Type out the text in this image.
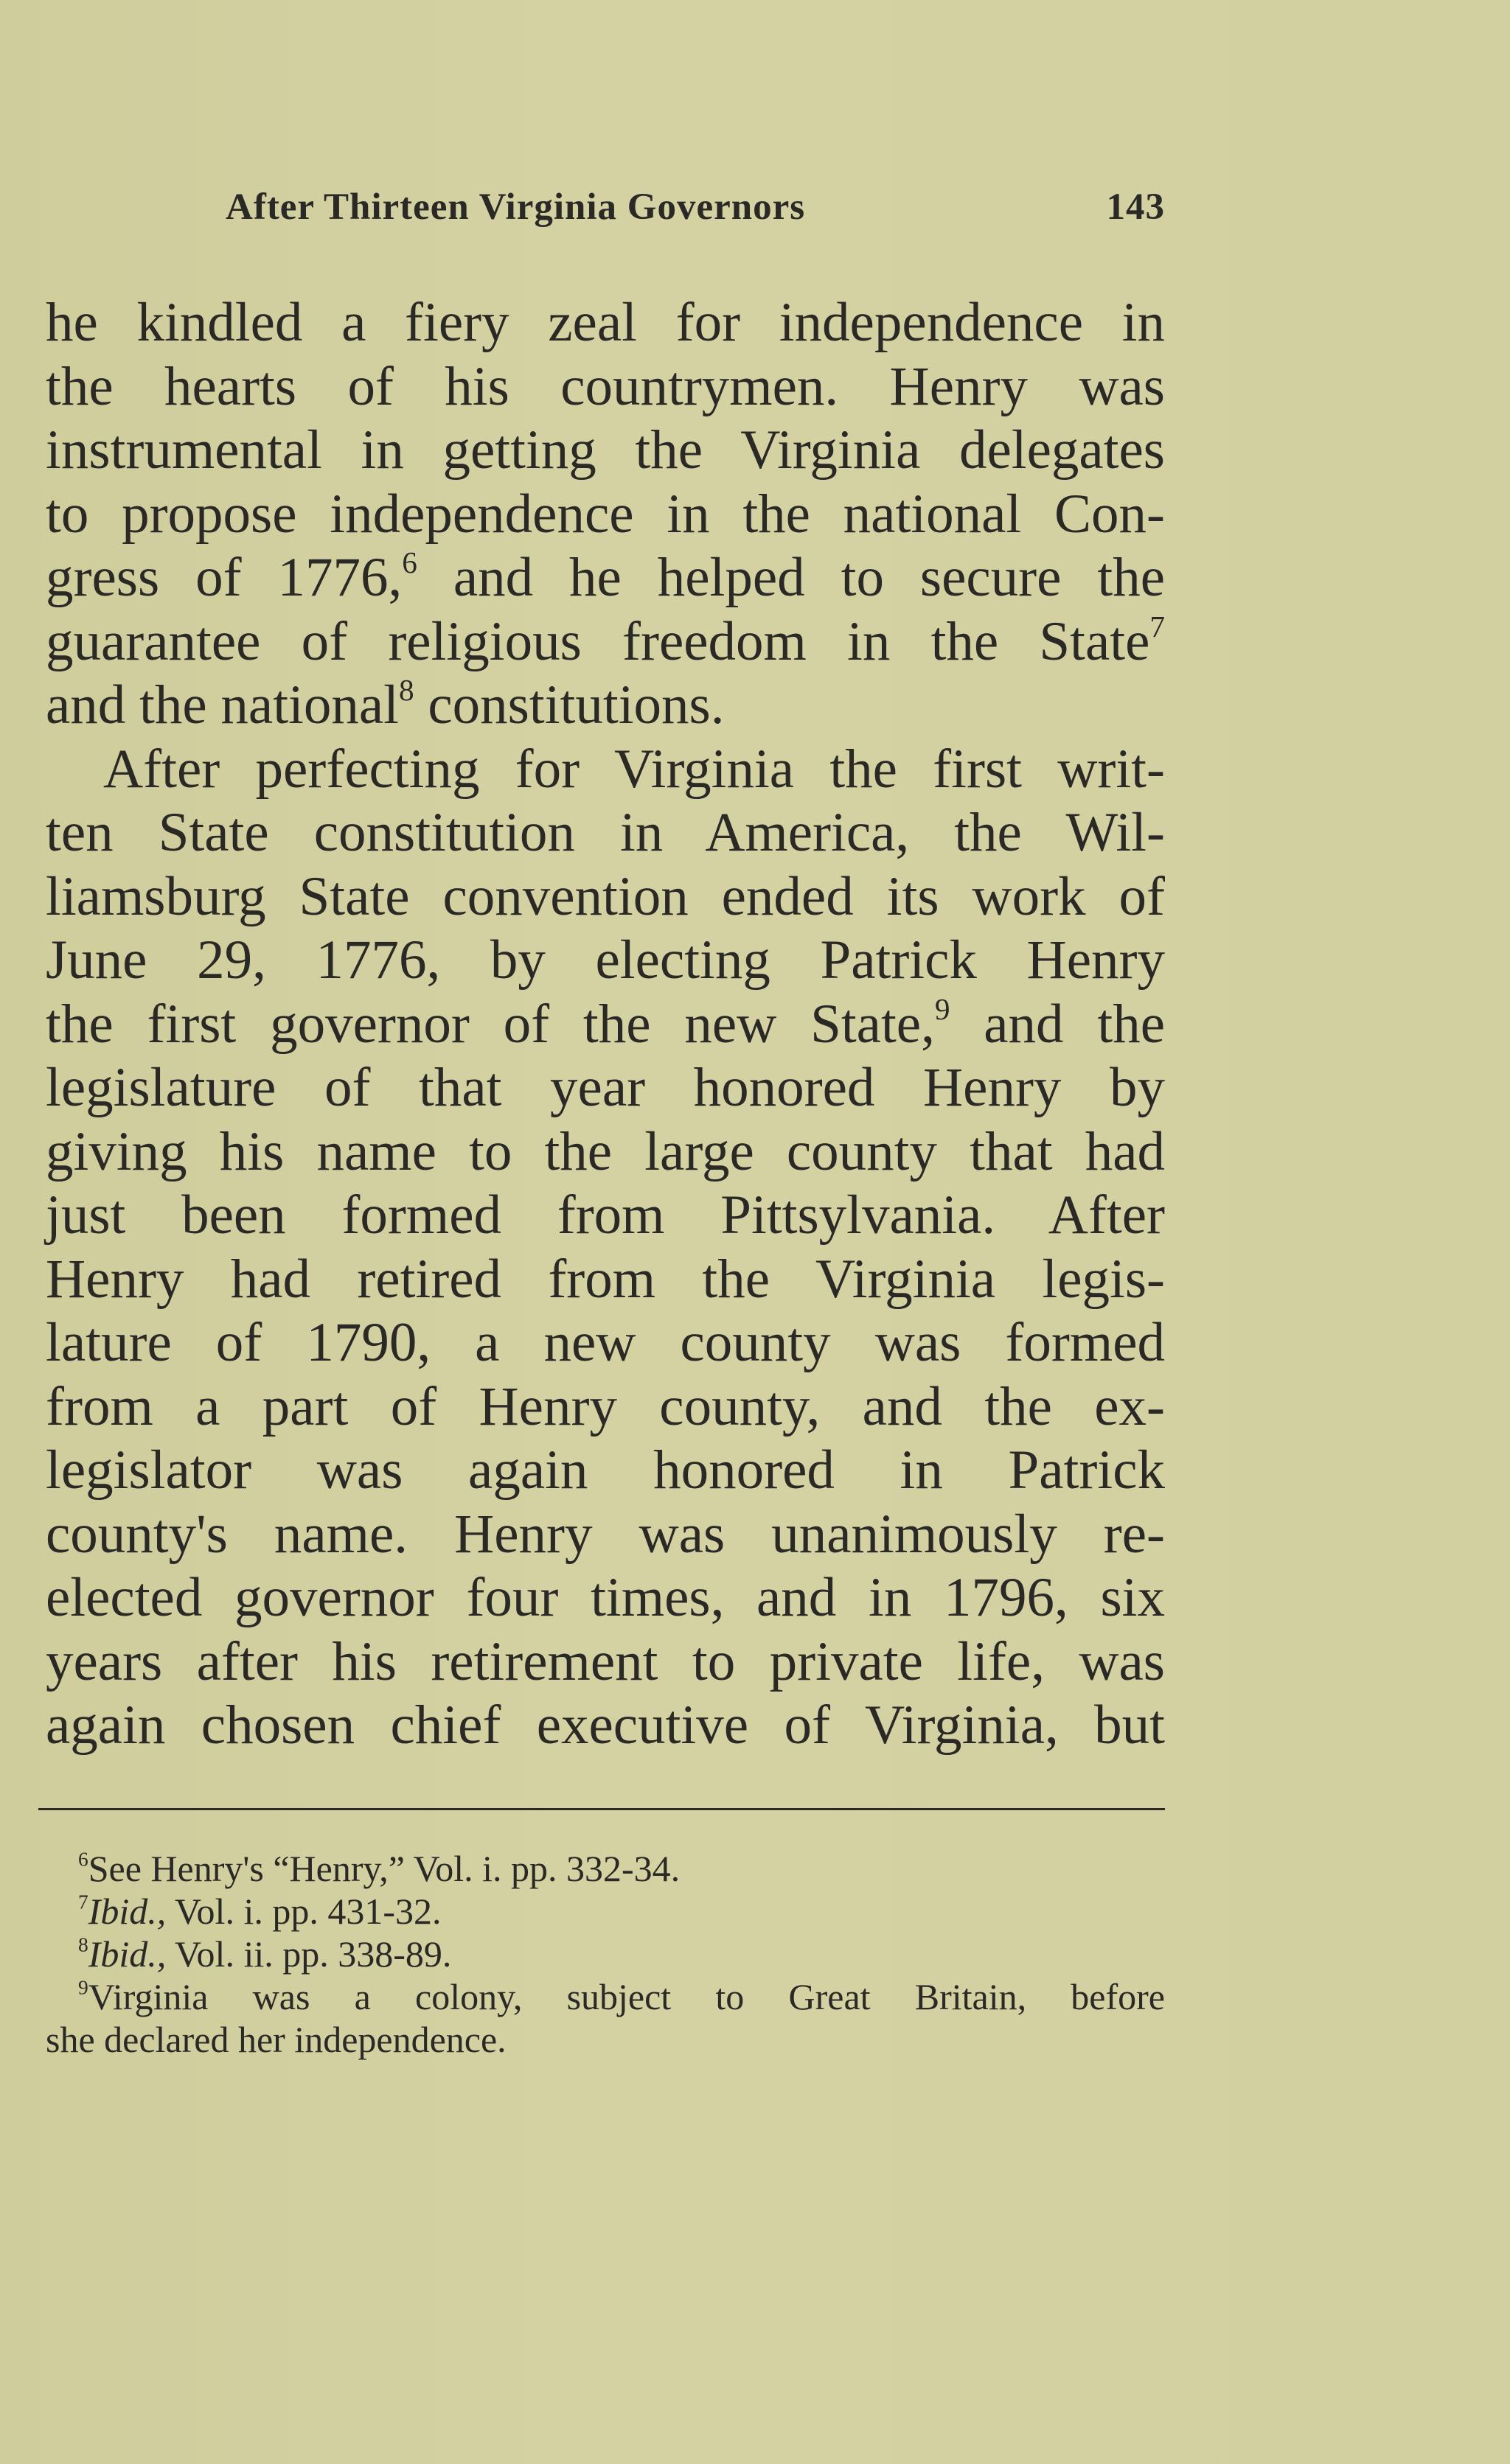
After Thirteen Virginia Governors	143
he kindled a fiery zeal for independence in
the hearts of his countrymen. Henry was
instrumental in getting the Virginia delegates
to propose independence in the national Con-
gress of 1776,$^6$ and he helped to secure the
guarantee of religious freedom in the State$^7$
and the national$^8$ constitutions.
After perfecting for Virginia the first writ-
ten State constitution in America, the Wil-
liamsburg State convention ended its work of
June 29, 1776, by electing Patrick Henry
the first governor of the new State,$^9$ and the
legislature of that year honored Henry by
giving his name to the large county that had
just been formed from Pittsylvania. After
Henry had retired from the Virginia legis-
lature of 1790, a new county was formed
from a part of Henry county, and the ex-
legislator was again honored in Patrick
county's name. Henry was unanimously re-
elected governor four times, and in 1796, six
years after his retirement to private life, was
again chosen chief executive of Virginia, but
$^6$See Henry's “Henry,” Vol. i. pp. 332-34.
$^7$Ibid., Vol. i. pp. 431-32.
$^8$Ibid., Vol. ii. pp. 338-89.
$^9$Virginia was a colony, subject to Great Britain, before
she declared her independence.
